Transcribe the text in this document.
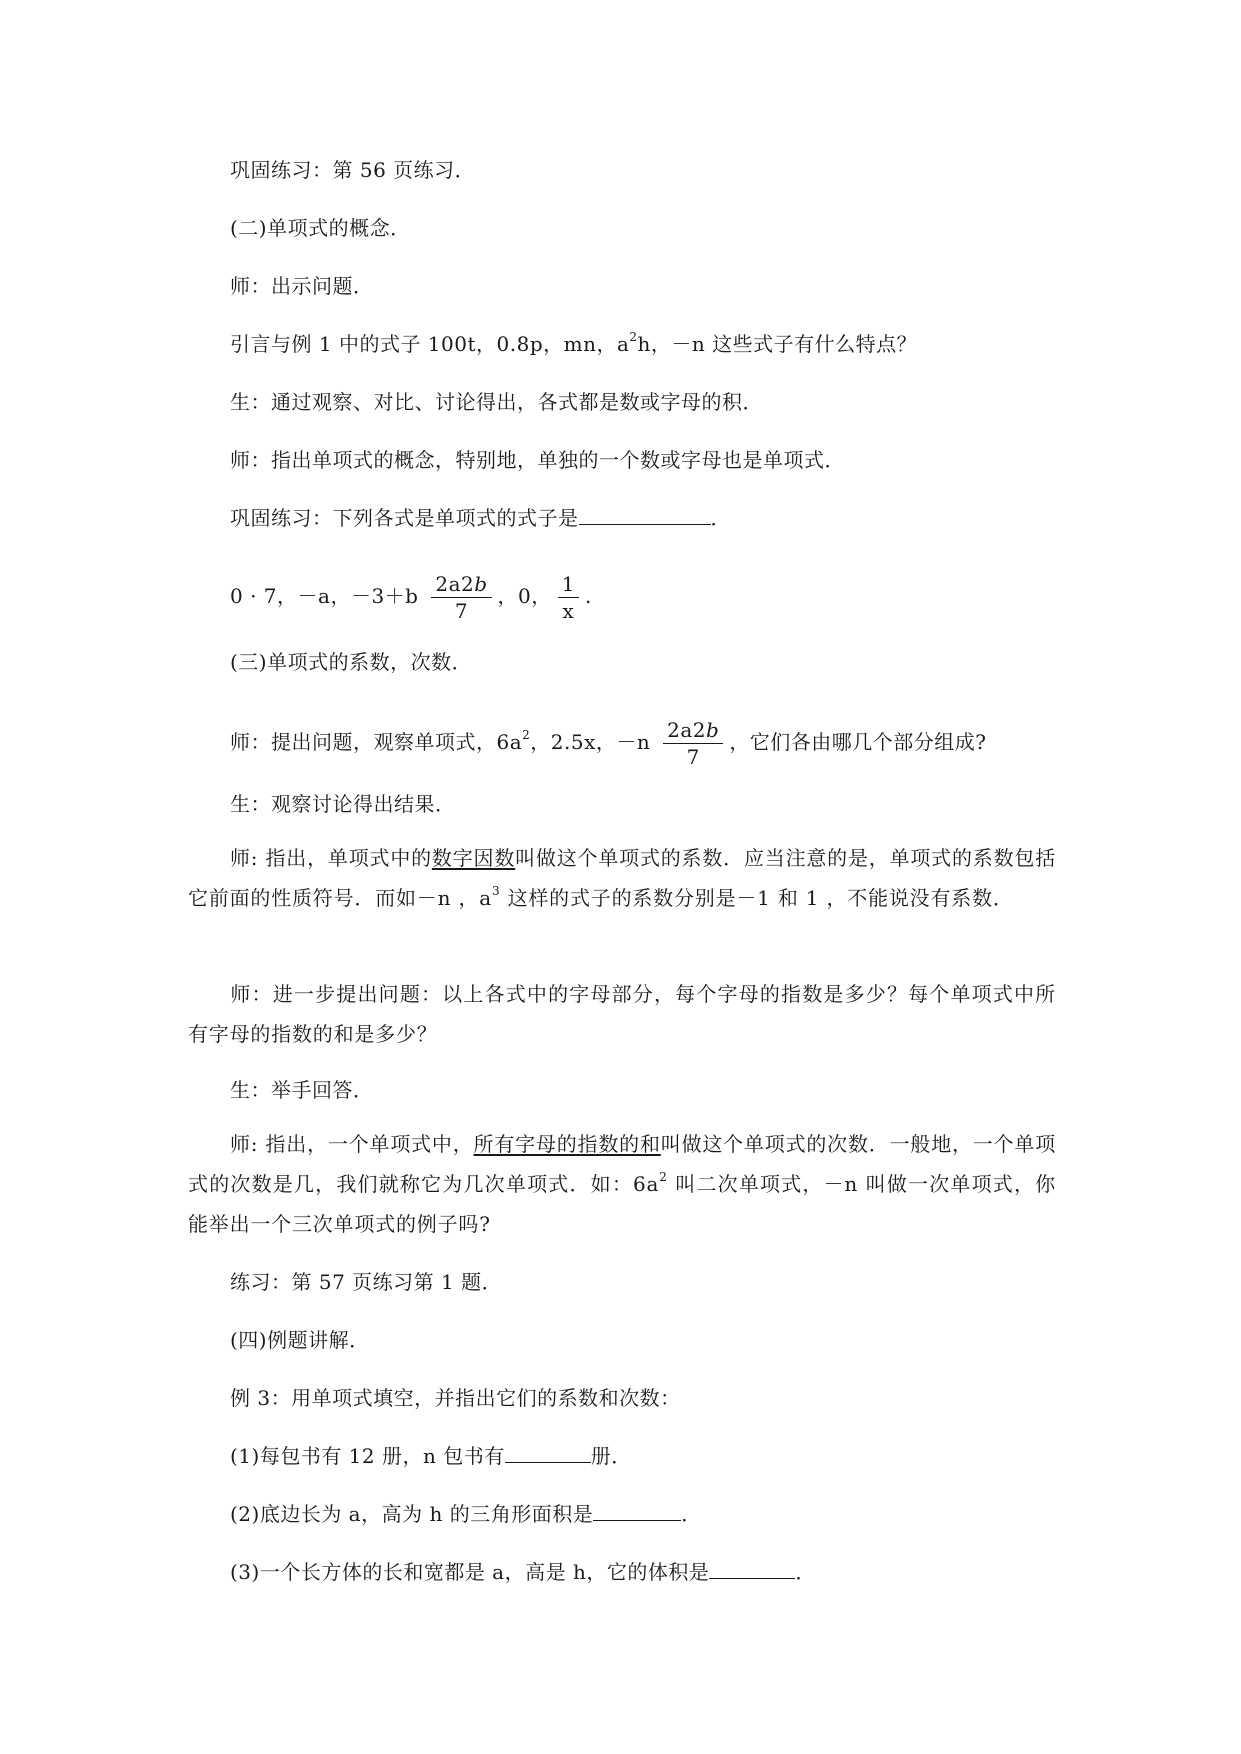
巩固练习：第 56 页练习．
(二)单项式的概念．
师：出示问题．
引言与例 1 中的式子 100t，0.8p，mn，$a^2h$，－n 这些式子有什么特点？
生：通过观察、对比、讨论得出，各式都是数或字母的积．
师：指出单项式的概念，特别地，单独的一个数或字母也是单项式．
巩固练习：下列各式是单项式的式子是	．
0 · 7，－a，$-3+b \frac{2a2b}{7}$ ，0， $\frac{1}{x}$ .
(三)单项式的系数，次数．
师：提出问题，观察单项式，$6a^2$，2.5x，$-n \frac{2a2b}{7}$ ，它们各由哪几个部分组成?
生：观察讨论得出结果．
师: 指出，单项式中的数字因数叫做这个单项式的系数．应当注意的是，单项式的系数包括它前面的性质符号．而如－n ，$a^3$ 这样的式子的系数分别是－1 和 1 ，不能说没有系数．
师：进一步提出问题：以上各式中的字母部分，每个字母的指数是多少？每个单项式中所有字母的指数的和是多少？
生：举手回答．
师: 指出，一个单项式中，所有字母的指数的和叫做这个单项式的次数．一般地，一个单项式的次数是几，我们就称它为几次单项式．如：$6a^2$ 叫二次单项式，－n 叫做一次单项式，你能举出一个三次单项式的例子吗?
练习：第 57 页练习第 1 题．
(四)例题讲解．
例 3：用单项式填空，并指出它们的系数和次数：
(1)每包书有 12 册，n 包书有	册．
(2)底边长为 a，高为 h 的三角形面积是	．
(3)一个长方体的长和宽都是 a，高是 h，它的体积是	．
